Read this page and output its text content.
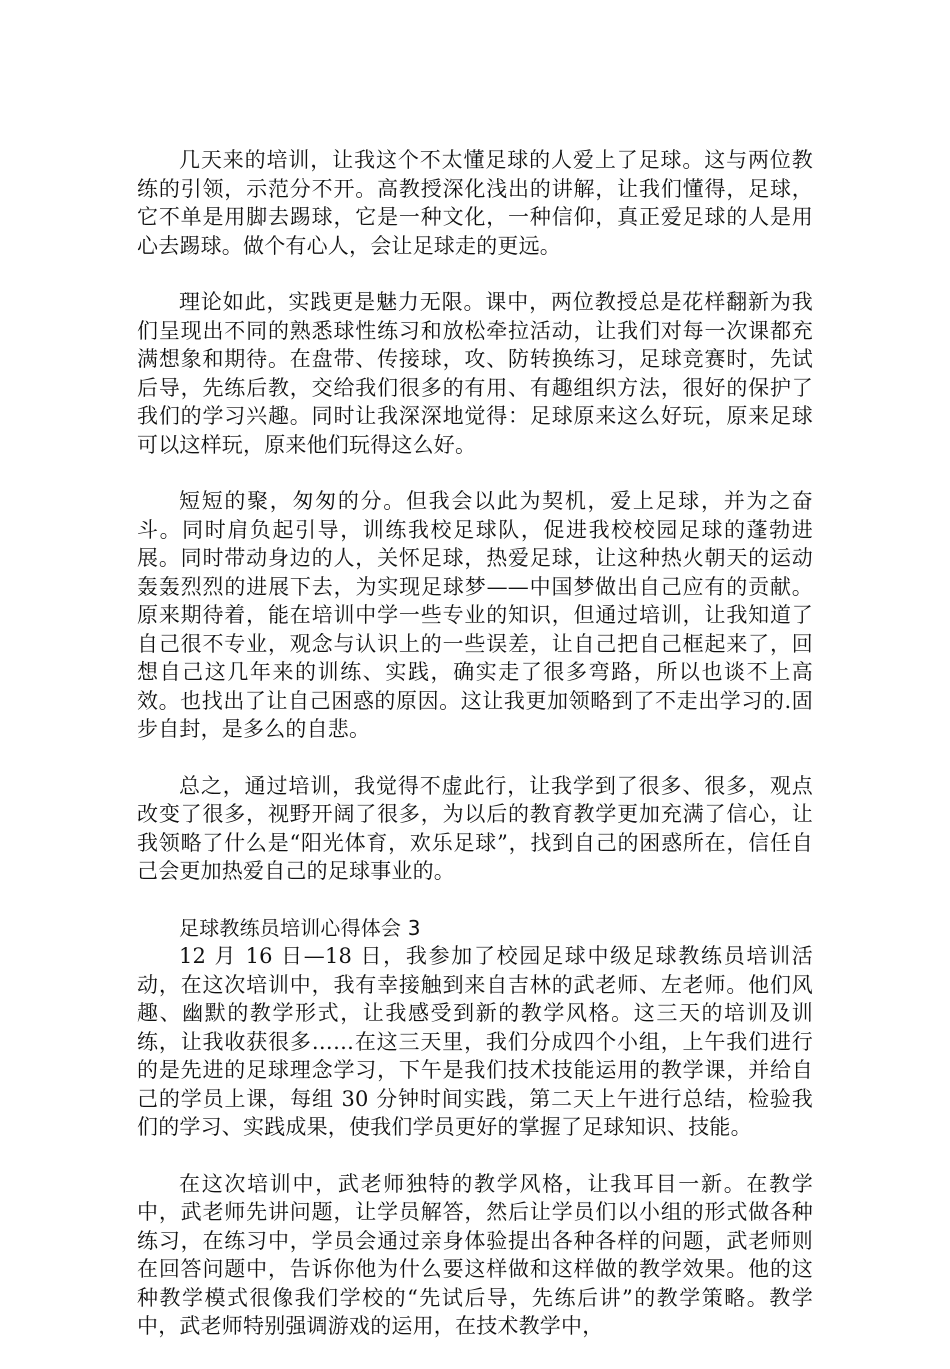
几天来的培训，让我这个不太懂足球的人爱上了足球。这与两位教练的引领，示范分不开。高教授深化浅出的讲解，让我们懂得，足球，它不单是用脚去踢球，它是一种文化，一种信仰，真正爱足球的人是用心去踢球。做个有心人，会让足球走的更远。

理论如此，实践更是魅力无限。课中，两位教授总是花样翻新为我们呈现出不同的熟悉球性练习和放松牵拉活动，让我们对每一次课都充满想象和期待。在盘带、传接球，攻、防转换练习，足球竞赛时，先试后导，先练后教，交给我们很多的有用、有趣组织方法，很好的保护了我们的学习兴趣。同时让我深深地觉得：足球原来这么好玩，原来足球可以这样玩，原来他们玩得这么好。

短短的聚，匆匆的分。但我会以此为契机，爱上足球，并为之奋斗。同时肩负起引导，训练我校足球队，促进我校校园足球的蓬勃进展。同时带动身边的人，关怀足球，热爱足球，让这种热火朝天的运动轰轰烈烈的进展下去，为实现足球梦——中国梦做出自己应有的贡献。原来期待着，能在培训中学一些专业的知识，但通过培训，让我知道了自己很不专业，观念与认识上的一些误差，让自己把自己框起来了，回想自己这几年来的训练、实践，确实走了很多弯路，所以也谈不上高效。也找出了让自己困惑的原因。这让我更加领略到了不走出学习的.固步自封，是多么的自悲。

总之，通过培训，我觉得不虚此行，让我学到了很多、很多，观点改变了很多，视野开阔了很多，为以后的教育教学更加充满了信心，让我领略了什么是“阳光体育，欢乐足球”，找到自己的困惑所在，信任自己会更加热爱自己的足球事业的。

足球教练员培训心得体会 3

12 月 16 日—18 日，我参加了校园足球中级足球教练员培训活动，在这次培训中，我有幸接触到来自吉林的武老师、左老师。他们风趣、幽默的教学形式，让我感受到新的教学风格。这三天的培训及训练，让我收获很多……在这三天里，我们分成四个小组，上午我们进行的是先进的足球理念学习，下午是我们技术技能运用的教学课，并给自己的学员上课，每组 30 分钟时间实践，第二天上午进行总结，检验我们的学习、实践成果，使我们学员更好的掌握了足球知识、技能。

在这次培训中，武老师独特的教学风格，让我耳目一新。在教学中，武老师先讲问题，让学员解答，然后让学员们以小组的形式做各种练习，在练习中，学员会通过亲身体验提出各种各样的问题，武老师则在回答问题中，告诉你他为什么要这样做和这样做的教学效果。他的这种教学模式很像我们学校的“先试后导，先练后讲”的教学策略。教学中，武老师特别强调游戏的运用，在技术教学中，
